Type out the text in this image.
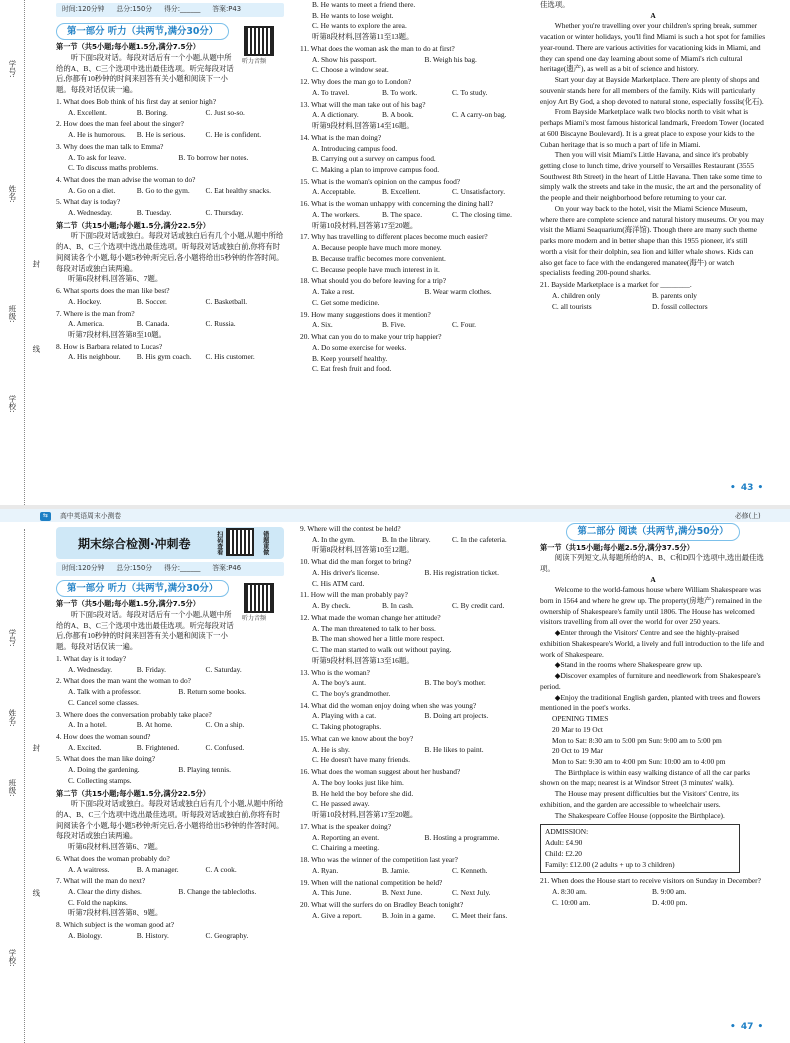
学号:
姓名:
封
班级:
线
学校:
时间:120分钟 总分:150分 得分:______ 答案:P43
听力音频
第一部分 听力（共两节,满分30分）
第一节（共5小题;每小题1.5分,满分7.5分）
听下面5段对话。每段对话后有一个小题,从题中所给的A、B、C三个选项中选出最佳选项。听完每段对话后,你都有10秒钟的时间来回答有关小题和阅读下一小题。每段对话仅读一遍。
1. What does Bob think of his first day at senior high?
A. Excellent.	B. Boring.	C. Just so-so.
2. How does the man feel about the singer?
A. He is humorous.	B. He is serious.	C. He is confident.
3. Why does the man talk to Emma?
A. To ask for leave.	B. To borrow her notes.
C. To discuss maths problems.
4. What does the man advise the woman to do?
A. Go on a diet.	B. Go to the gym.	C. Eat healthy snacks.
5. What day is today?
A. Wednesday.	B. Tuesday.	C. Thursday.
第二节（共15小题;每小题1.5分,满分22.5分）
听下面5段对话或独白。每段对话或独白后有几个小题,从题中所给的A、B、C三个选项中选出最佳选项。听每段对话或独白前,你将有时间阅读各个小题,每小题5秒钟;听完后,各小题将给出5秒钟的作答时间。每段对话或独白读两遍。
听第6段材料,回答第6、7题。
6. What sports does the man like best?
A. Hockey.	B. Soccer.	C. Basketball.
7. Where is the man from?
A. America.	B. Canada.	C. Russia.
听第7段材料,回答第8至10题。
8. How is Barbara related to Lucas?
A. His neighbour.	B. His gym coach.	C. His customer.
B. He wants to meet a friend there.
B. He wants to lose weight.
C. He wants to explore the area.
听第8段材料,回答第11至13题。
11. What does the woman ask the man to do at first?
A. Show his passport.	B. Weigh his bag.
C. Choose a window seat.
12. Why does the man go to London?
A. To travel.	B. To work.	C. To study.
13. What will the man take out of his bag?
A. A dictionary.	B. A book.	C. A carry-on bag.
听第9段材料,回答第14至16题。
14. What is the man doing?
A. Introducing campus food.
B. Carrying out a survey on campus food.
C. Making a plan to improve campus food.
15. What is the woman's opinion on the campus food?
A. Acceptable.	B. Excellent.	C. Unsatisfactory.
16. What is the woman unhappy with concerning the dining hall?
A. The workers.	B. The space.	C. The closing time.
听第10段材料,回答第17至20题。
17. Why has travelling to different places become much easier?
A. Because people have much more money.
B. Because traffic becomes more convenient.
C. Because people have much interest in it.
18. What should you do before leaving for a trip?
A. Take a rest.	B. Wear warm clothes.
C. Get some medicine.
19. How many suggestions does it mention?
A. Six.	B. Five.	C. Four.
20. What can you do to make your trip happier?
A. Do some exercise for weeks.
B. Keep yourself healthy.
C. Eat fresh fruit and food.
佳选项。
A
Whether you're travelling over your children's spring break, summer vacation or winter holidays, you'll find Miami is such a hot spot for families year-round. There are various activities for vacationing kids in Miami, and they can spend one day learning about some of Miami's rich cultural heritage(遗产), as well as a bit of science and history.
Start your day at Bayside Marketplace. There are plenty of shops and souvenir stands here for all members of the family. Kids will particularly enjoy Art By God, a shop devoted to natural stone, especially fossils(化石).
From Bayside Marketplace walk two blocks north to visit what is perhaps Miami's most famous historical landmark, Freedom Tower (located at 600 Biscayne Boulevard). It is a great place to expose your kids to the Cuban heritage that is so much a part of life in Miami.
Then you will visit Miami's Little Havana, and since it's probably getting close to lunch time, drive yourself to Versailles Restaurant (3555 Southwest 8th Street) in the heart of Little Havana. Then take some time to simply walk the streets and take in the music, the art and the personality of the people and their neighborhood before returning to your car.
On your way back to the hotel, visit the Miami Science Museum, where there are complete science and natural history museums. Or you may visit the Miami Seaquarium(海洋馆). Though there are many such theme parks more modern and in better shape than this 1955 pioneer, it's still worth a visit for their dolphin, sea lion and killer whale shows. Kids can also get face to face with the endangered manatee(海牛) or watch specialists feeding 200-pound sharks.
21. Bayside Marketplace is a market for ________.
A. children only	B. parents only
C. all tourists	D. fossil collectors
• 43 •
⇆	高中英语周末小测卷	必修(上)
学号:
姓名:
封
班级:
线
学校:
期末综合检测·冲刺卷	扫码查看	错题重做
时间:120分钟 总分:150分 得分:______ 答案:P46
听力音频
第一部分 听力（共两节,满分30分）
第一节（共5小题;每小题1.5分,满分7.5分）
听下面5段对话。每段对话后有一个小题,从题中所给的A、B、C三个选项中选出最佳选项。听完每段对话后,你都有10秒钟的时间来回答有关小题和阅读下一小题。每段对话仅读一遍。
1. What day is it today?
A. Wednesday.	B. Friday.	C. Saturday.
2. What does the man want the woman to do?
A. Talk with a professor.	B. Return some books.
C. Cancel some classes.
3. Where does the conversation probably take place?
A. In a hotel.	B. At home.	C. On a ship.
4. How does the woman sound?
A. Excited.	B. Frightened.	C. Confused.
5. What does the man like doing?
A. Doing the gardening.	B. Playing tennis.
C. Collecting stamps.
第二节（共15小题;每小题1.5分,满分22.5分）
听下面5段对话或独白。每段对话或独白后有几个小题,从题中所给的A、B、C三个选项中选出最佳选项。听每段对话或独白前,你将有时间阅读各个小题,每小题5秒钟;听完后,各小题将给出5秒钟的作答时间。每段对话或独白读两遍。
听第6段材料,回答第6、7题。
6. What does the woman probably do?
A. A waitress.	B. A manager.	C. A cook.
7. What will the man do next?
A. Clear the dirty dishes.	B. Change the tablecloths.
C. Fold the napkins.
听第7段材料,回答第8、9题。
8. Which subject is the woman good at?
A. Biology.	B. History.	C. Geography.
9. Where will the contest be held?
A. In the gym.	B. In the library.	C. In the cafeteria.
听第8段材料,回答第10至12题。
10. What did the man forget to bring?
A. His driver's license.	B. His registration ticket.
C. His ATM card.
11. How will the man probably pay?
A. By check.	B. In cash.	C. By credit card.
12. What made the woman change her attitude?
A. The man threatened to talk to her boss.
B. The man showed her a little more respect.
C. The man started to walk out without paying.
听第9段材料,回答第13至16题。
13. Who is the woman?
A. The boy's aunt.	B. The boy's mother.
C. The boy's grandmother.
14. What did the woman enjoy doing when she was young?
A. Playing with a cat.	B. Doing art projects.
C. Taking photographs.
15. What can we know about the boy?
A. He is shy.	B. He likes to paint.
C. He doesn't have many friends.
16. What does the woman suggest about her husband?
A. The boy looks just like him.
B. He held the boy before she did.
C. He passed away.
听第10段材料,回答第17至20题。
17. What is the speaker doing?
A. Reporting an event.	B. Hosting a programme.
C. Chairing a meeting.
18. Who was the winner of the competition last year?
A. Ryan.	B. Jamie.	C. Kenneth.
19. When will the national competition be held?
A. This June.	B. Next June.	C. Next July.
20. What will the surfers do on Bradley Beach tonight?
A. Give a report.	B. Join in a game.	C. Meet their fans.
第二部分 阅读（共两节,满分50分）
第一节（共15小题;每小题2.5分,满分37.5分）
阅读下列短文,从每题所给的A、B、C和D四个选项中,选出最佳选项。
A
Welcome to the world-famous house where William Shakespeare was born in 1564 and where he grew up. The property(房地产) remained in the ownership of Shakespeare's family until 1806. The House has welcomed visitors travelling from all over the world for over 250 years.
◆Enter through the Visitors' Centre and see the highly-praised exhibition Shakespeare's World, a lively and full introduction to the life and work of Shakespeare.
◆Stand in the rooms where Shakespeare grew up.
◆Discover examples of furniture and needlework from Shakespeare's period.
◆Enjoy the traditional English garden, planted with trees and flowers mentioned in the poet's works.
OPENING TIMES
20 Mar to 19 Oct
Mon to Sat: 8:30 am to 5:00 pm Sun: 9:00 am to 5:00 pm
20 Oct to 19 Mar
Mon to Sat: 9:30 am to 4:00 pm Sun: 10:00 am to 4:00 pm
The Birthplace is within easy walking distance of all the car parks shown on the map; nearest is at Windsor Street (3 minutes' walk).
The House may present difficulties but the Visitors' Centre, its exhibition, and the garden are accessible to wheelchair users.
The Shakespeare Coffee House (opposite the Birthplace).
ADMISSION:
Adult: £4.90
Child: £2.20
Family: £12.00 (2 adults + up to 3 children)
21. When does the House start to receive visitors on Sunday in December?
A. 8:30 am.	B. 9:00 am.
C. 10:00 am.	D. 4:00 pm.
• 47 •
